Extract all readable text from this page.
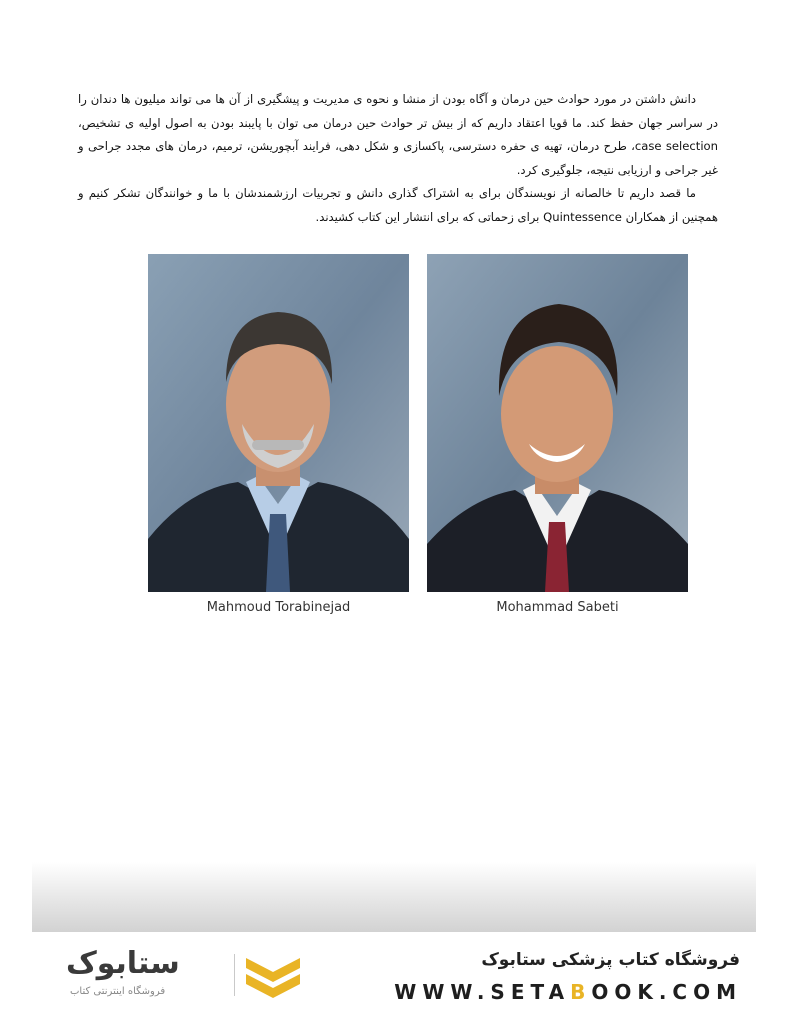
دانش داشتن در مورد حوادث حین درمان و آگاه بودن از منشا و نحوه ی مدیریت و پیشگیری از آن ها می تواند میلیون ها دندان را در سراسر جهان حفظ کند. ما قویا اعتقاد داریم که از بیش تر حوادث حین درمان می توان با پایبند بودن به اصول اولیه ی تشخیص، case selection، طرح درمان، تهیه ی حفره دسترسی، پاکسازی و شکل دهی، فرایند آبچوریشن، ترمیم، درمان های مجدد جراحی و غیر جراحی و ارزیابی نتیجه، جلوگیری کرد.

ما قصد داریم تا خالصانه از نویسندگان برای به اشتراک گذاری دانش و تجربیات ارزشمندشان با ما و خوانندگان تشکر کنیم و همچنین از همکاران Quintessence برای زحماتی که برای انتشار این کتاب کشیدند.

Mahmoud Torabinejad	Mohammad Sabeti
ستابوک
فروشگاه اینترنتی کتاب
فروشگاه کتاب پزشکی ستابوک
WWW.SETABOOK.COM
